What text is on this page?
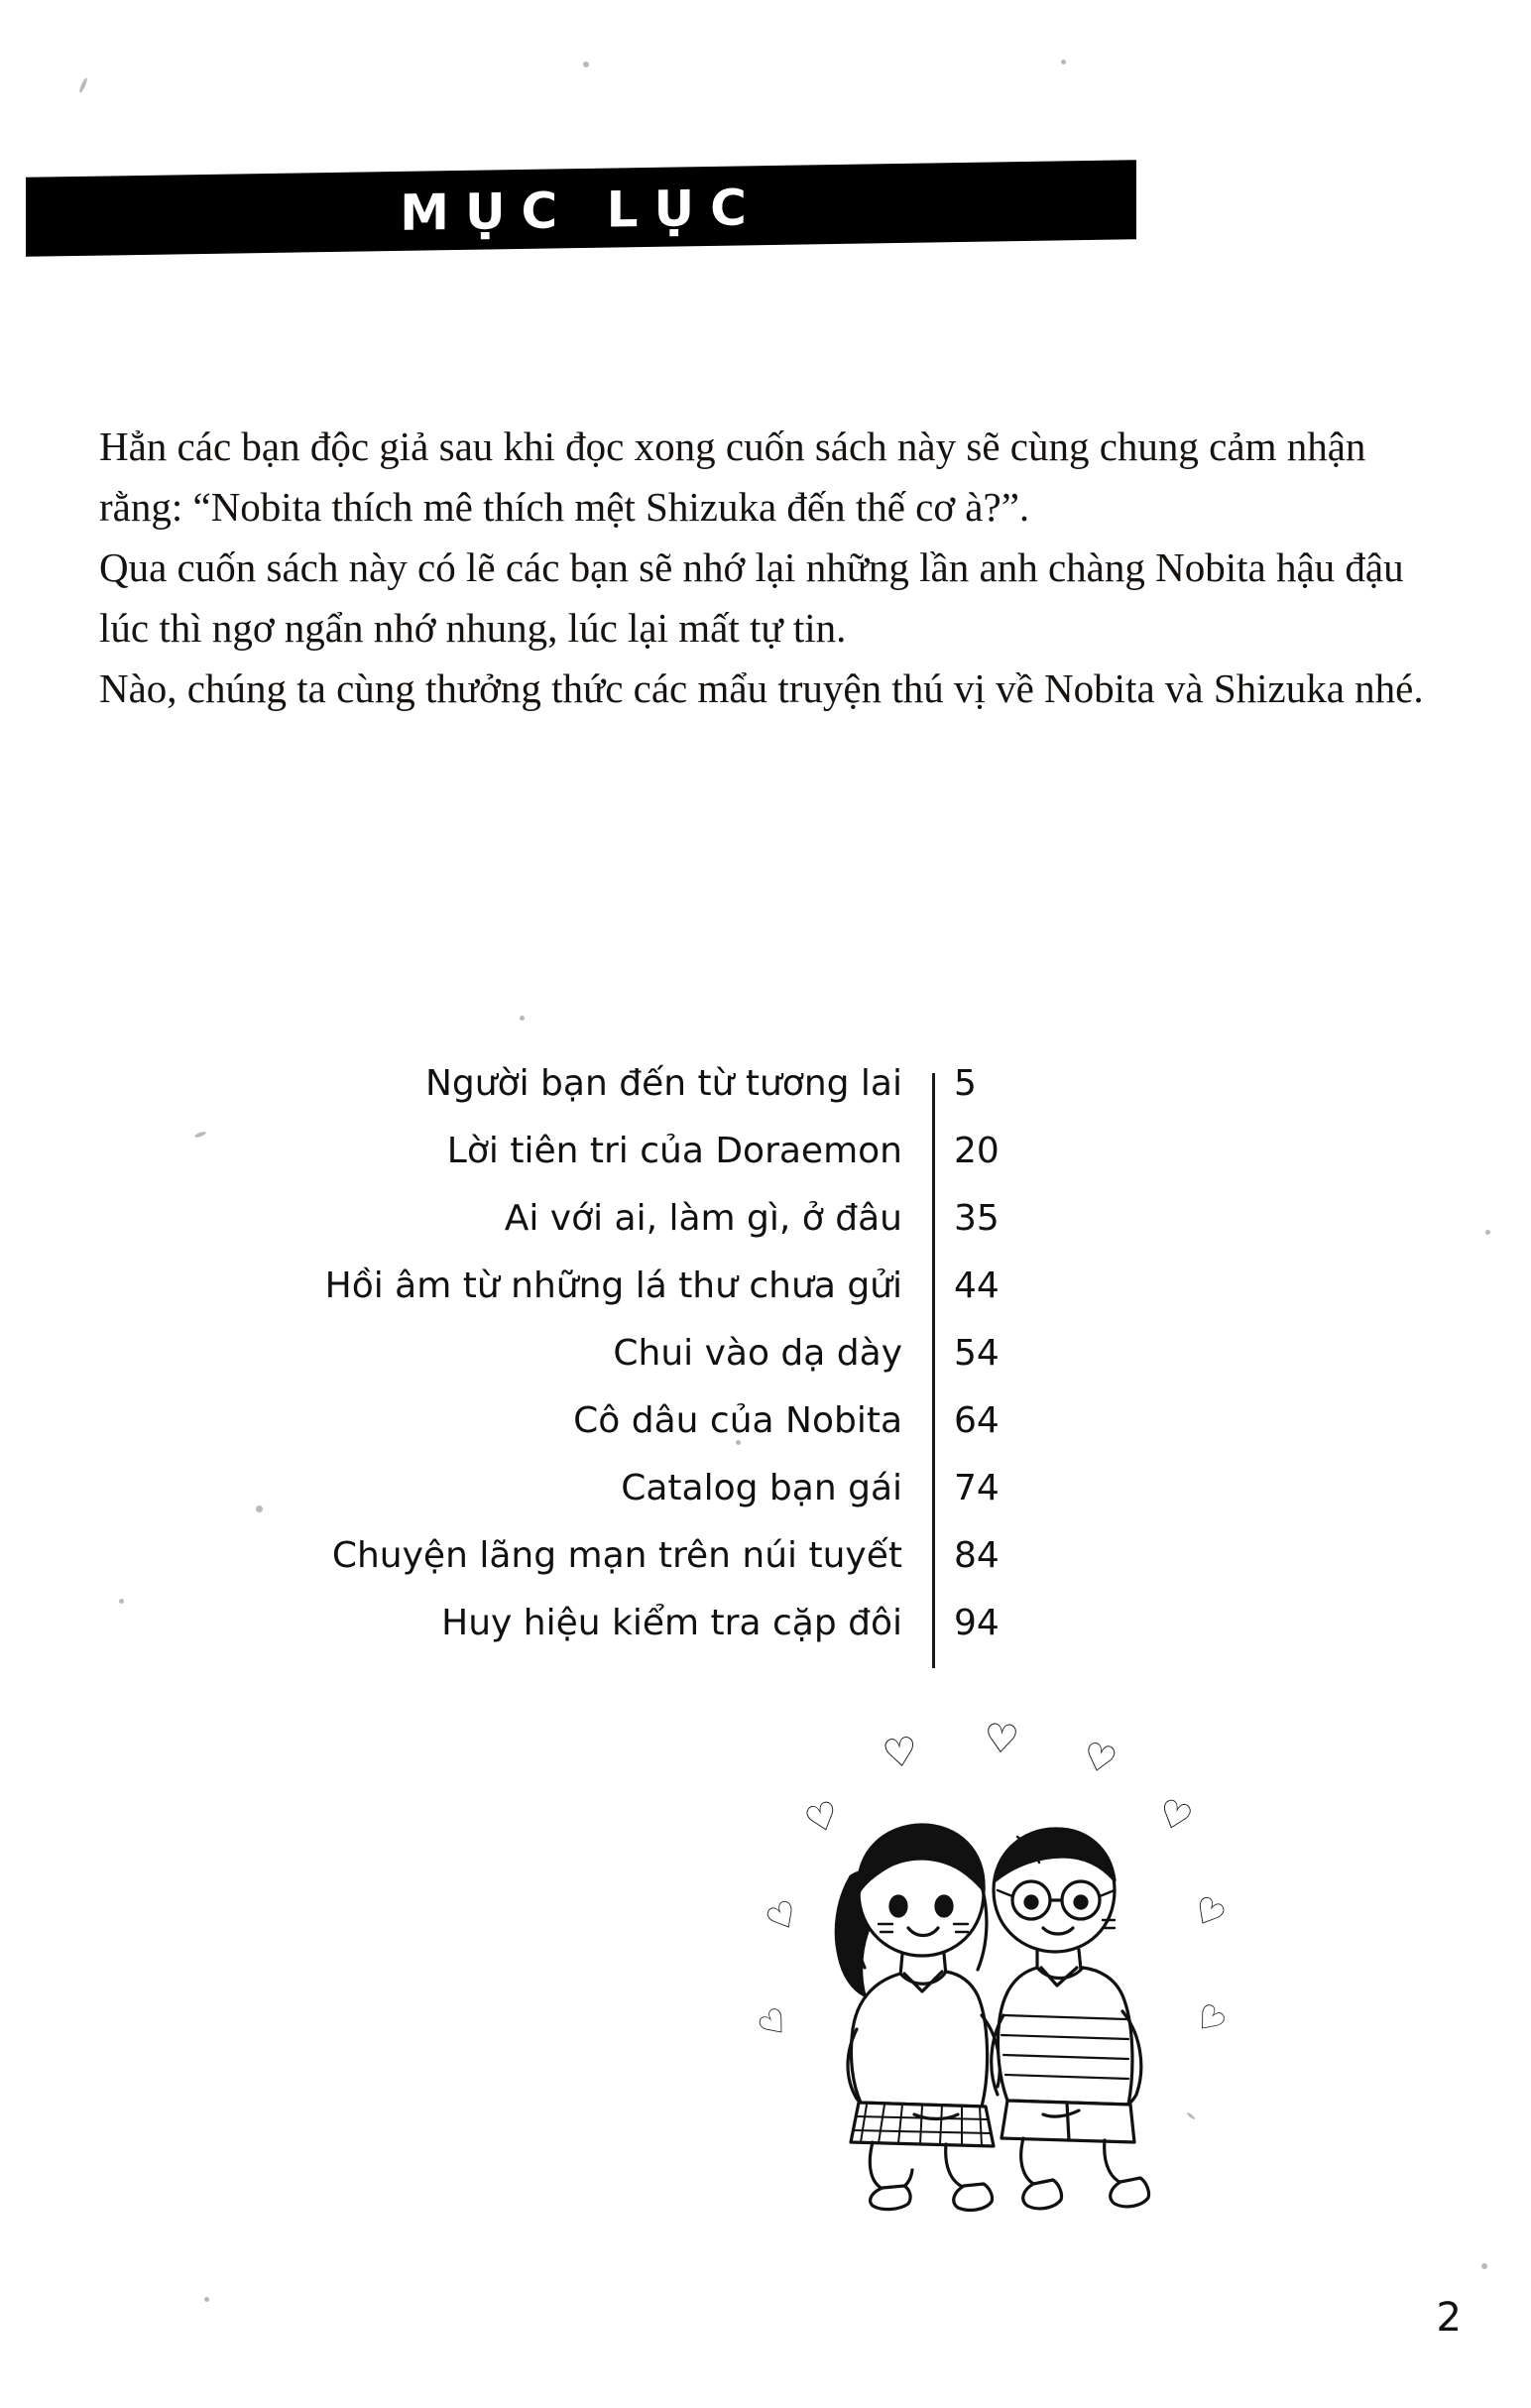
MỤC LỤC

Hẳn các bạn độc giả sau khi đọc xong cuốn sách này sẽ cùng chung cảm nhận rằng: “Nobita thích mê thích mệt Shizuka đến thế cơ à?”.

Qua cuốn sách này có lẽ các bạn sẽ nhớ lại những lần anh chàng Nobita hậu đậu lúc thì ngơ ngẩn nhớ nhung, lúc lại mất tự tin.

Nào, chúng ta cùng thưởng thức các mẩu truyện thú vị về Nobita và Shizuka nhé.

Người bạn đến từ tương lai	5
Lời tiên tri của Doraemon	20
Ai với ai, làm gì, ở đâu	35
Hồi âm từ những lá thư chưa gửi	44
Chui vào dạ dày	54
Cô dâu của Nobita	64
Catalog bạn gái	74
Chuyện lãng mạn trên núi tuyết	84
Huy hiệu kiểm tra cặp đôi	94
♡ ♡ ♡
♡	♡
♡	♡
♡	♡
2
